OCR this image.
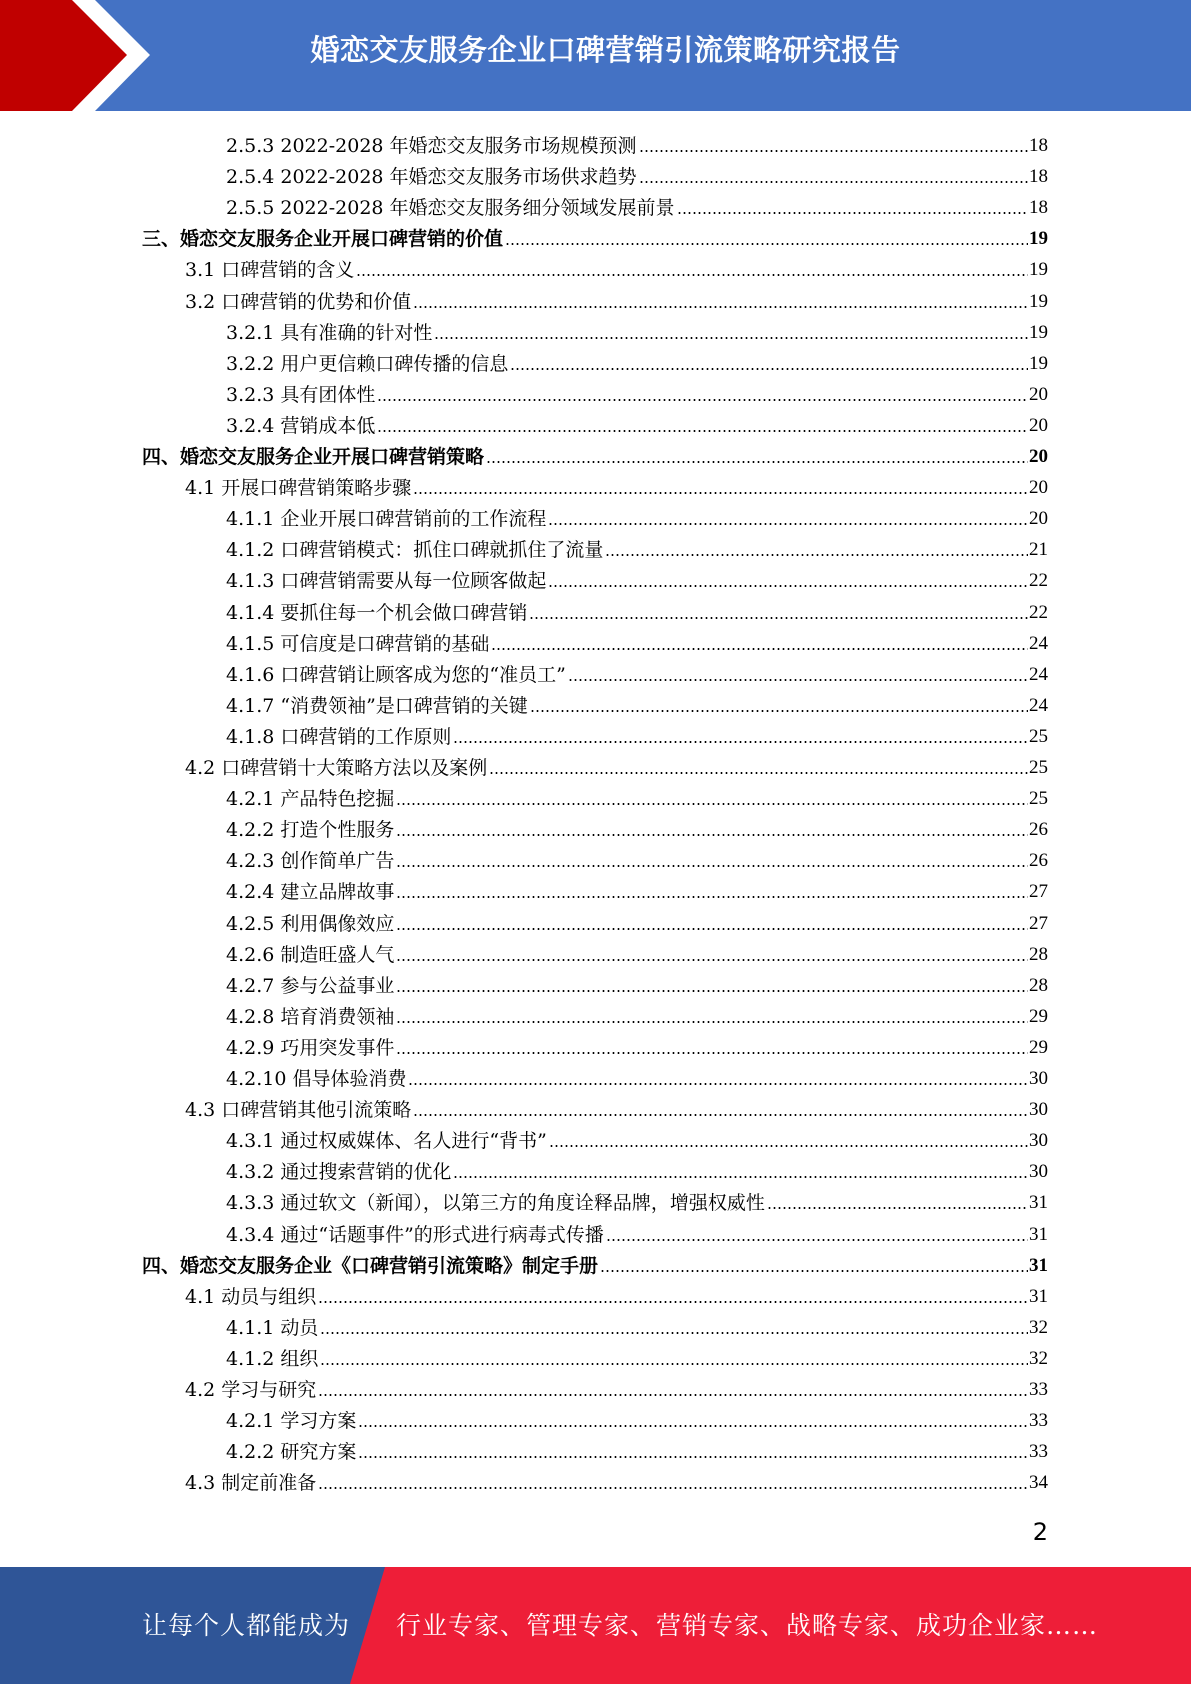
婚恋交友服务企业口碑营销引流策略研究报告
2.5.3 2022-2028 年婚恋交友服务市场规模预测	18
2.5.4 2022-2028 年婚恋交友服务市场供求趋势	18
2.5.5 2022-2028 年婚恋交友服务细分领域发展前景	18
三、婚恋交友服务企业开展口碑营销的价值	19
3.1 口碑营销的含义	19
3.2 口碑营销的优势和价值	19
3.2.1 具有准确的针对性	19
3.2.2 用户更信赖口碑传播的信息	19
3.2.3 具有团体性	20
3.2.4 营销成本低	20
四、婚恋交友服务企业开展口碑营销策略	20
4.1 开展口碑营销策略步骤	20
4.1.1 企业开展口碑营销前的工作流程	20
4.1.2 口碑营销模式：抓住口碑就抓住了流量	21
4.1.3 口碑营销需要从每一位顾客做起	22
4.1.4 要抓住每一个机会做口碑营销	22
4.1.5 可信度是口碑营销的基础	24
4.1.6 口碑营销让顾客成为您的“准员工”	24
4.1.7 “消费领袖”是口碑营销的关键	24
4.1.8 口碑营销的工作原则	25
4.2 口碑营销十大策略方法以及案例	25
4.2.1 产品特色挖掘	25
4.2.2 打造个性服务	26
4.2.3 创作简单广告	26
4.2.4 建立品牌故事	27
4.2.5 利用偶像效应	27
4.2.6 制造旺盛人气	28
4.2.7 参与公益事业	28
4.2.8 培育消费领袖	29
4.2.9 巧用突发事件	29
4.2.10 倡导体验消费	30
4.3 口碑营销其他引流策略	30
4.3.1 通过权威媒体、名人进行“背书”	30
4.3.2 通过搜索营销的优化	30
4.3.3 通过软文（新闻），以第三方的角度诠释品牌，增强权威性	31
4.3.4 通过“话题事件”的形式进行病毒式传播	31
四、婚恋交友服务企业《口碑营销引流策略》制定手册	31
4.1 动员与组织	31
4.1.1 动员	32
4.1.2 组织	32
4.2 学习与研究	33
4.2.1 学习方案	33
4.2.2 研究方案	33
4.3 制定前准备	34
2
让每个人都能成为 行业专家、管理专家、营销专家、战略专家、成功企业家……
